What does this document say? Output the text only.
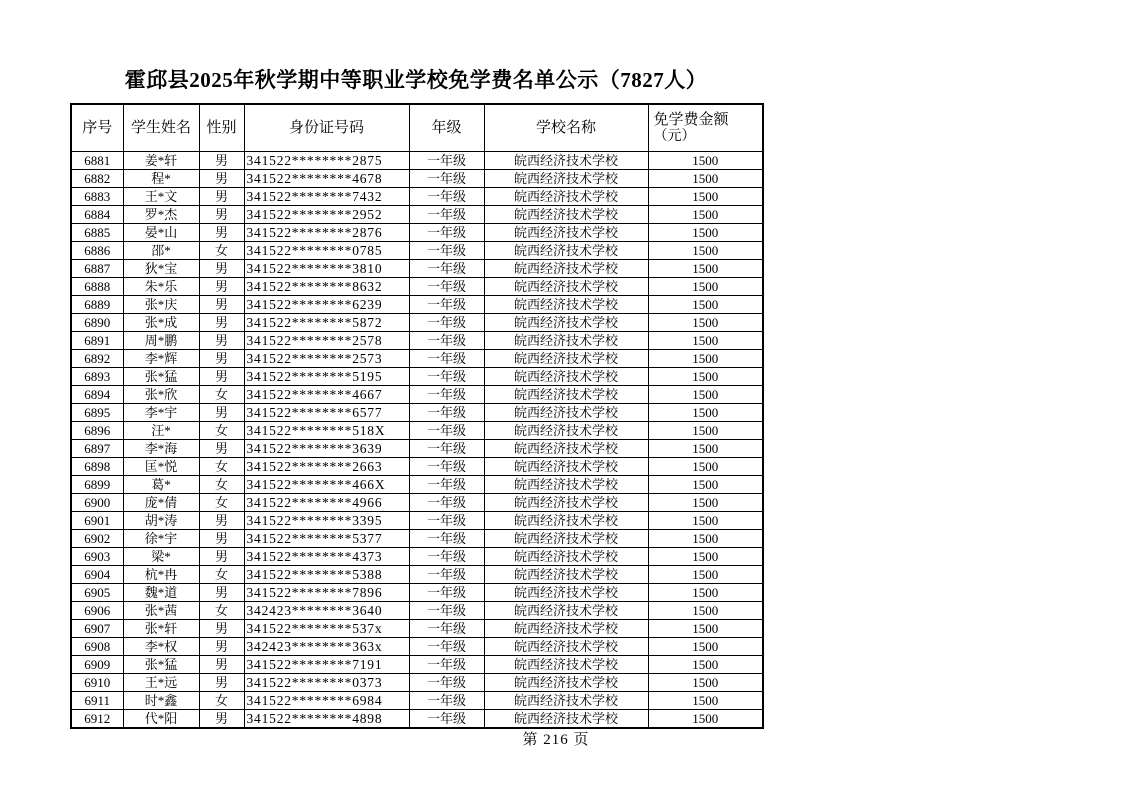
霍邱县2025年秋学期中等职业学校免学费名单公示（7827人）
序号	学生姓名	性别	身份证号码	年级	学校名称	免学费金额
（元）

6881	姜*轩	男	341522********2875	一年级	皖西经济技术学校	1500
6882	程*	男	341522********4678	一年级	皖西经济技术学校	1500
6883	王*文	男	341522********7432	一年级	皖西经济技术学校	1500
6884	罗*杰	男	341522********2952	一年级	皖西经济技术学校	1500
6885	晏*山	男	341522********2876	一年级	皖西经济技术学校	1500
6886	邵*	女	341522********0785	一年级	皖西经济技术学校	1500
6887	狄*宝	男	341522********3810	一年级	皖西经济技术学校	1500
6888	朱*乐	男	341522********8632	一年级	皖西经济技术学校	1500
6889	张*庆	男	341522********6239	一年级	皖西经济技术学校	1500
6890	张*成	男	341522********5872	一年级	皖西经济技术学校	1500
6891	周*鹏	男	341522********2578	一年级	皖西经济技术学校	1500
6892	李*辉	男	341522********2573	一年级	皖西经济技术学校	1500
6893	张*猛	男	341522********5195	一年级	皖西经济技术学校	1500
6894	张*欣	女	341522********4667	一年级	皖西经济技术学校	1500
6895	李*宇	男	341522********6577	一年级	皖西经济技术学校	1500
6896	汪*	女	341522********518X	一年级	皖西经济技术学校	1500
6897	李*海	男	341522********3639	一年级	皖西经济技术学校	1500
6898	匡*悦	女	341522********2663	一年级	皖西经济技术学校	1500
6899	葛*	女	341522********466X	一年级	皖西经济技术学校	1500
6900	庞*倩	女	341522********4966	一年级	皖西经济技术学校	1500
6901	胡*涛	男	341522********3395	一年级	皖西经济技术学校	1500
6902	徐*宇	男	341522********5377	一年级	皖西经济技术学校	1500
6903	梁*	男	341522********4373	一年级	皖西经济技术学校	1500
6904	杭*冉	女	341522********5388	一年级	皖西经济技术学校	1500
6905	魏*道	男	341522********7896	一年级	皖西经济技术学校	1500
6906	张*茜	女	342423********3640	一年级	皖西经济技术学校	1500
6907	张*轩	男	341522********537x	一年级	皖西经济技术学校	1500
6908	李*权	男	342423********363x	一年级	皖西经济技术学校	1500
6909	张*猛	男	341522********7191	一年级	皖西经济技术学校	1500
6910	王*远	男	341522********0373	一年级	皖西经济技术学校	1500
6911	时*鑫	女	341522********6984	一年级	皖西经济技术学校	1500
6912	代*阳	男	341522********4898	一年级	皖西经济技术学校	1500
第 216 页
